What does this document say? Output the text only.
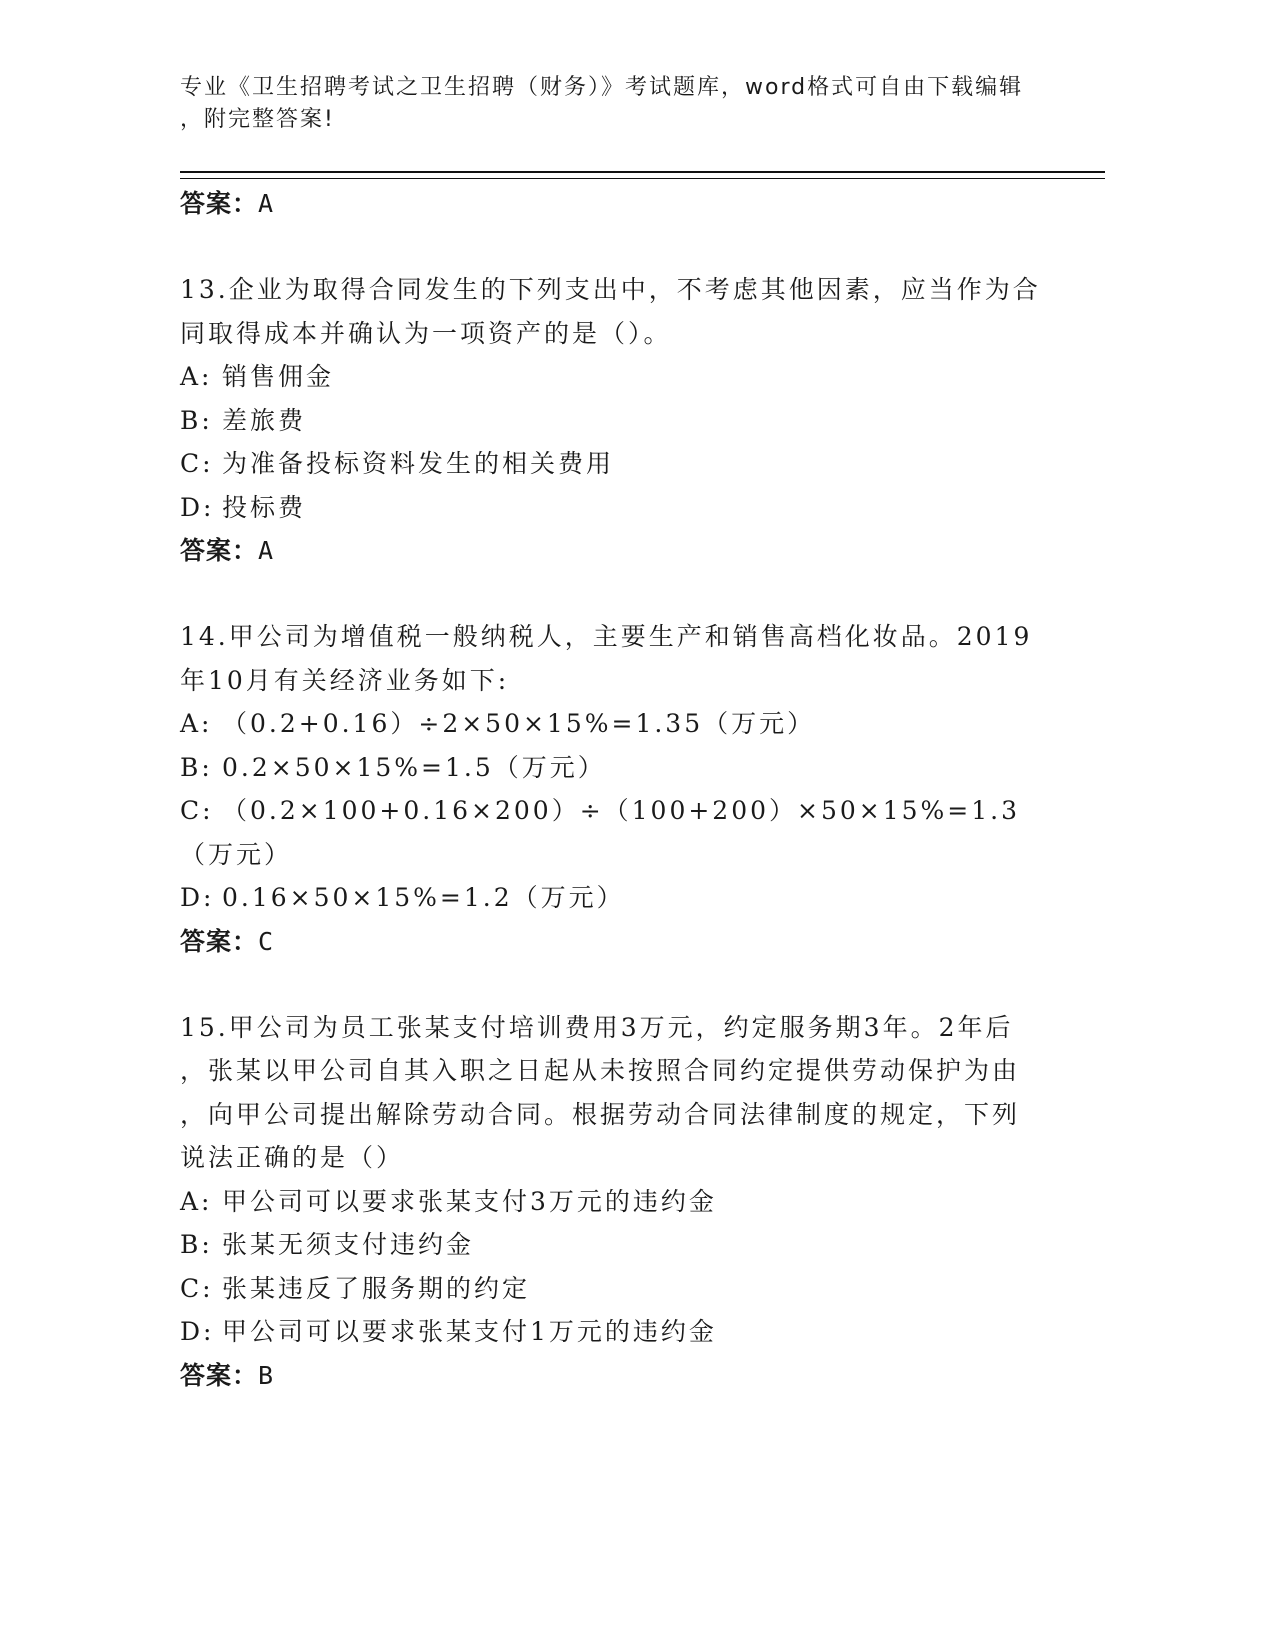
专业《卫生招聘考试之卫生招聘（财务）》考试题库，word格式可自由下载编辑
，附完整答案!
答案：A
13.企业为取得合同发生的下列支出中，不考虑其他因素，应当作为合
同取得成本并确认为一项资产的是（）。
A: 销售佣金
B: 差旅费
C: 为准备投标资料发生的相关费用
D: 投标费
答案：A
14.甲公司为增值税一般纳税人，主要生产和销售高档化妆品。2019
年10月有关经济业务如下:
A: （0.2+0.16）÷2×50×15%=1.35（万元）
B: 0.2×50×15%=1.5（万元）
C: （0.2×100+0.16×200）÷（100+200）×50×15%=1.3（万元）
D: 0.16×50×15%=1.2（万元）
答案：C
15.甲公司为员工张某支付培训费用3万元，约定服务期3年。2年后
，张某以甲公司自其入职之日起从未按照合同约定提供劳动保护为由
，向甲公司提出解除劳动合同。根据劳动合同法律制度的规定，下列
说法正确的是（）
A: 甲公司可以要求张某支付3万元的违约金
B: 张某无须支付违约金
C: 张某违反了服务期的约定
D: 甲公司可以要求张某支付1万元的违约金
答案：B
